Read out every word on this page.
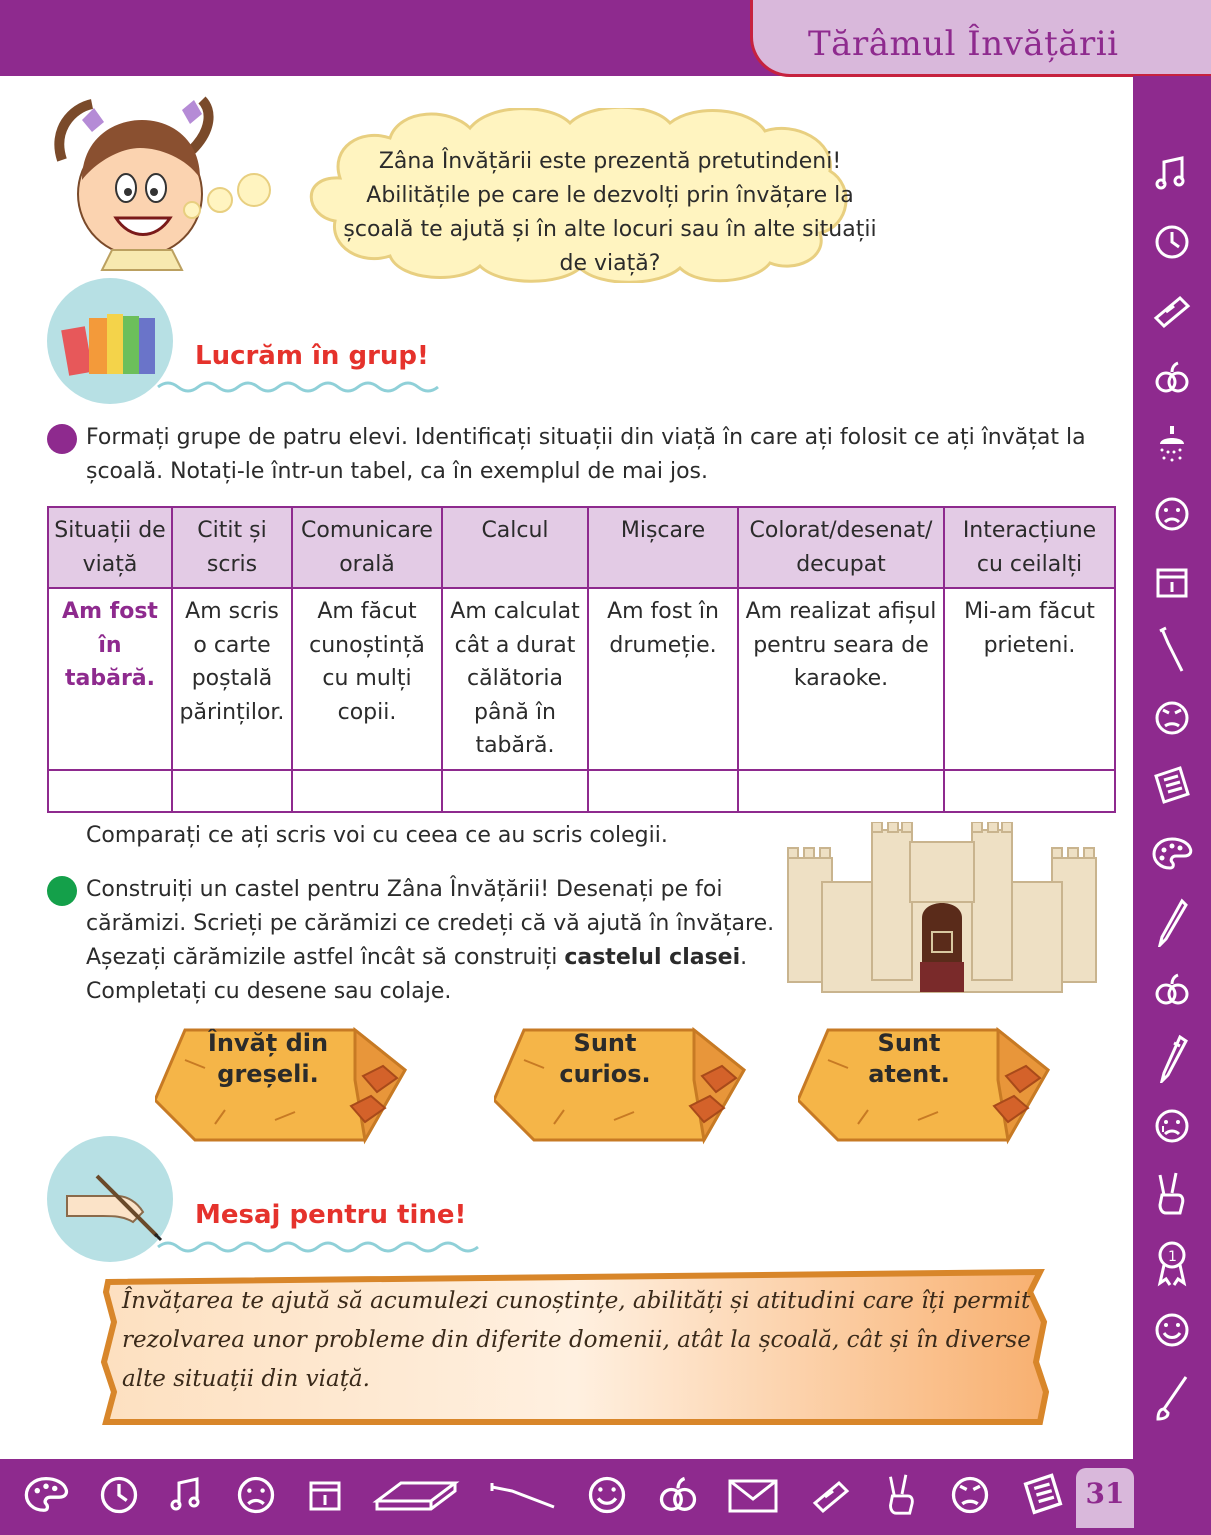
Tărâmul Învățării
31
1
Zâna Învățării este prezentă pretutindeni! Abilitățile pe care le dezvolți prin învățare la școală te ajută și în alte locuri sau în alte situații de viață?
Lucrăm în grup!
Formați grupe de patru elevi. Identificați situații din viață în care ați folosit ce ați învățat la școală. Notați-le într-un tabel, ca în exemplul de mai jos.
Situații de viață	Citit și scris	Comunicare orală	Calcul	Mișcare	Colorat/desenat/ decupat	Interacțiune cu ceilalți
Am fost în tabără.	Am scris o carte poștală părinților.	Am făcut cunoștință cu mulți copii.	Am calculat cât a durat călătoria până în tabără.	Am fost în drumeție.	Am realizat afișul pentru seara de karaoke.	Mi-am făcut prieteni.

Comparați ce ați scris voi cu ceea ce au scris colegii.
Construiți un castel pentru Zâna Învățării! Desenați pe foi cărămizi. Scrieți pe cărămizi ce credeți că vă ajută în învățare. Așezați cărămizile astfel încât să construiți castelul clasei. Completați cu desene sau colaje.
Învăț din greșeli.
Sunt curios.
Sunt atent.
Mesaj pentru tine!
Învățarea te ajută să acumulezi cunoștințe, abilități și atitudini care îți permit rezolvarea unor probleme din diferite domenii, atât la școală, cât și în diverse alte situații din viață.
